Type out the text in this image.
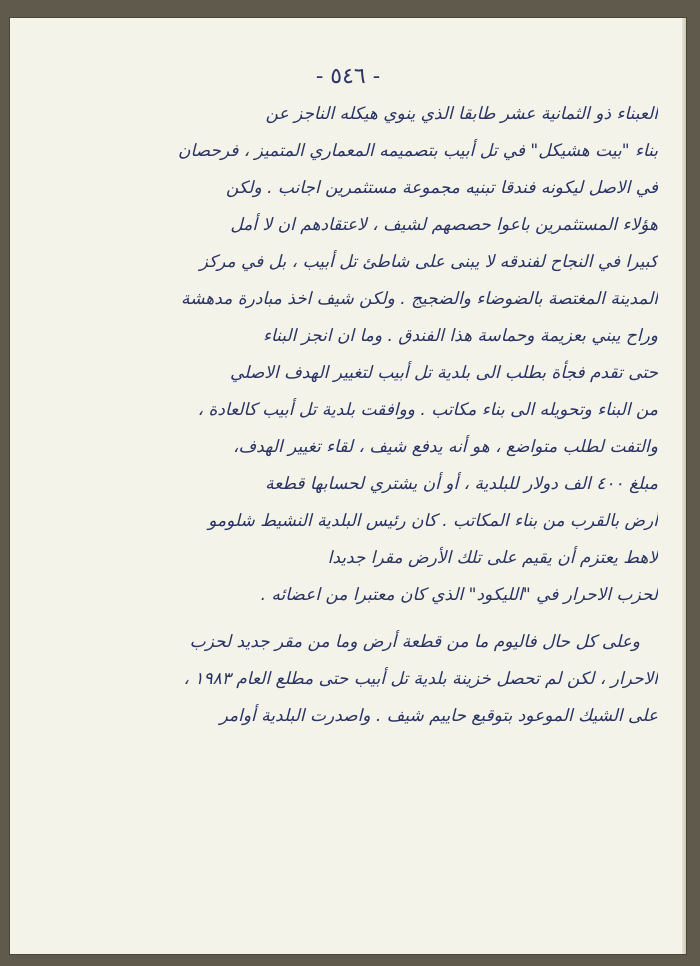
- ٥٤٦ -
العبناء ذو الثمانية عشر طابقا الذي ينوي هيكله الناجز عن
بناء "بيت هشيكل" في تل أبيب بتصميمه المعماري المتميز ، فرحصان
في الاصل ليكونه فندقا تبنيه مجموعة مستثمرين اجانب . ولكن
هؤلاء المستثمرين باعوا حصصهم لشيف ، لاعتقادهم ان لا أمل
كبيرا في النجاح لفندقه لا يبنى على شاطئ تل أبيب ، بل في مركز
المدينة المغتصة بالضوضاء والضجيج . ولكن شيف اخذ مبادرة مدهشة
وراح يبني بعزيمة وحماسة هذا الفندق . وما ان انجز البناء
حتى تقدم فجأة بطلب الى بلدية تل أبيب لتغيير الهدف الاصلي
من البناء وتحويله الى بناء مكاتب . ووافقت بلدية تل أبيب كالعادة ،
والتفت لطلب متواضع ، هو أنه يدفع شيف ، لقاء تغيير الهدف،
مبلغ ٤٠٠ الف دولار للبلدية ، أو أن يشتري لحسابها قطعة
أرض بالقرب من بناء المكاتب . كان رئيس البلدية النشيط شلومو
لاهط يعتزم أن يقيم على تلك الأرض مقرا جديدا
لحزب الاحرار في "الليكود" الذي كان معتبرا من اعضائه .
وعلى كل حال فاليوم ما من قطعة أرض وما من مقر جديد لحزب
الاحرار ، لكن لم تحصل خزينة بلدية تل أبيب حتى مطلع العام ١٩٨٣ ،
على الشيك الموعود بتوقيع حاييم شيف . واصدرت البلدية أوامر
